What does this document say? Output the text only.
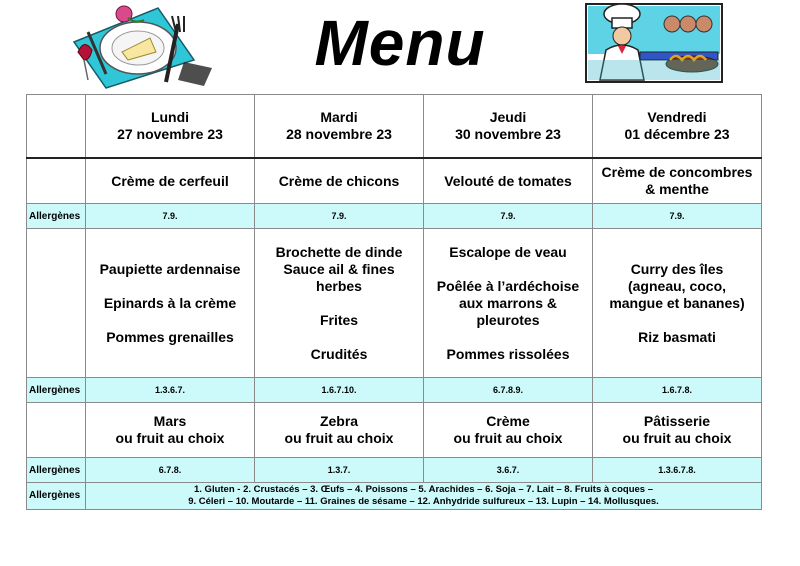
Menu

	Lundi
27 novembre 23	Mardi
28 novembre 23	Jeudi
30 novembre 23	Vendredi
01 décembre 23

	Crème de cerfeuil	Crème de chicons	Velouté de tomates	Crème de concombres
& menthe

Allergènes	7.9.	7.9.	7.9.	7.9.

	Paupiette ardennaise
Epinards à la crème
Pommes grenailles	Brochette de dinde
Sauce ail & fines
herbes
Frites
Crudités	Escalope de veau
Poêlée à l’ardéchoise
aux marrons &
pleurotes
Pommes rissolées	Curry des îles
(agneau, coco,
mangue et bananes)
Riz basmati

Allergènes	1.3.6.7.	1.6.7.10.	6.7.8.9.	1.6.7.8.

	Mars
ou fruit au choix	Zebra
ou fruit au choix	Crème
ou fruit au choix	Pâtisserie
ou fruit au choix

Allergènes	6.7.8.	1.3.7.	3.6.7.	1.3.6.7.8.
Allergènes	1. Gluten - 2. Crustacés – 3. Œufs – 4. Poissons – 5. Arachides – 6. Soja – 7. Lait – 8. Fruits à coques –
9. Céleri – 10. Moutarde – 11. Graines de sésame – 12. Anhydride sulfureux – 13. Lupin – 14. Mollusques.			
